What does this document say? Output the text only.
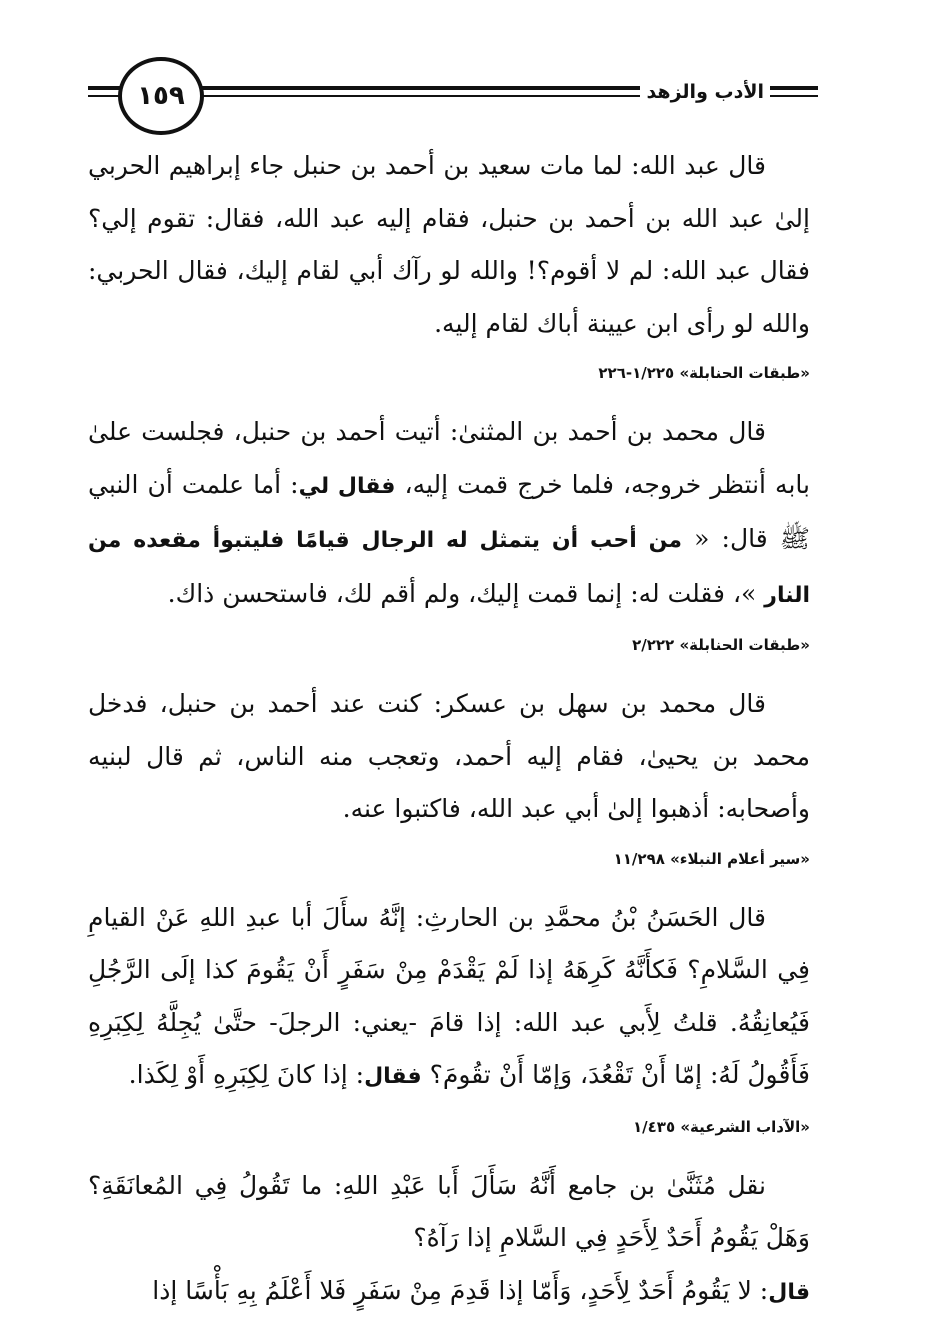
١٥٩	الأدب والزهد

قال عبد الله: لما مات سعيد بن أحمد بن حنبل جاء إبراهيم الحربي إلىٰ عبد الله بن أحمد بن حنبل، فقام إليه عبد الله، فقال: تقوم إلي؟ فقال عبد الله: لم لا أقوم؟! والله لو رآك أبي لقام إليك، فقال الحربي: والله لو رأى ابن عيينة أباك لقام إليه.

«طبقات الحنابلة» ١/٢٢٥-٢٢٦

قال محمد بن أحمد بن المثنىٰ: أتيت أحمد بن حنبل، فجلست علىٰ بابه أنتظر خروجه، فلما خرج قمت إليه، فقال لي: أما علمت أن النبي ﷺ قال: « من أحب أن يتمثل له الرجال قيامًا فليتبوأ مقعده من النار »، فقلت له: إنما قمت إليك، ولم أقم لك، فاستحسن ذاك.

«طبقات الحنابلة» ٢/٢٢٢

قال محمد بن سهل بن عسكر: كنت عند أحمد بن حنبل، فدخل محمد بن يحيىٰ، فقام إليه أحمد، وتعجب منه الناس، ثم قال لبنيه وأصحابه: أذهبوا إلىٰ أبي عبد الله، فاكتبوا عنه.

«سير أعلام النبلاء» ١١/٢٩٨

قال الحَسَنُ بْنُ محمَّدِ بن الحارثِ: إنَّهُ سأَلَ أبا عبدِ اللهِ عَنْ القيامِ فِي السَّلامِ؟ فَكأَنَّهُ كَرِهَهُ إذا لَمْ يَقْدَمْ مِنْ سَفَرٍ أَنْ يَقُومَ كذا إلَى الرَّجُلِ فَيُعانِقُهُ. قلتُ لِأَبي عبد الله: إذا قامَ -يعني: الرجلَ- حتَّىٰ يُجِلَّهُ لِكِبَرِهِ فَأَقُولُ لَهُ: إمّا أَنْ تَقْعُدَ، وَإمّا أَنْ تقُومَ؟ فقال: إذا كانَ لِكِبَرِهِ أَوْ لِكَذا.

«الآداب الشرعية» ١/٤٣٥

نقل مُثَنَّىٰ بن جامع أَنَّهُ سَأَلَ أَبا عَبْدِ اللهِ: ما تَقُولُ فِي المُعانَقَةِ؟ وَهَلْ يَقُومُ أَحَدٌ لِأَحَدٍ فِي السَّلامِ إذا رَآهُ؟

قال: لا يَقُومُ أَحَدٌ لِأَحَدٍ، وَأَمّا إذا قَدِمَ مِنْ سَفَرٍ فَلا أَعْلَمُ بِهِ بَأْسًا إذا
